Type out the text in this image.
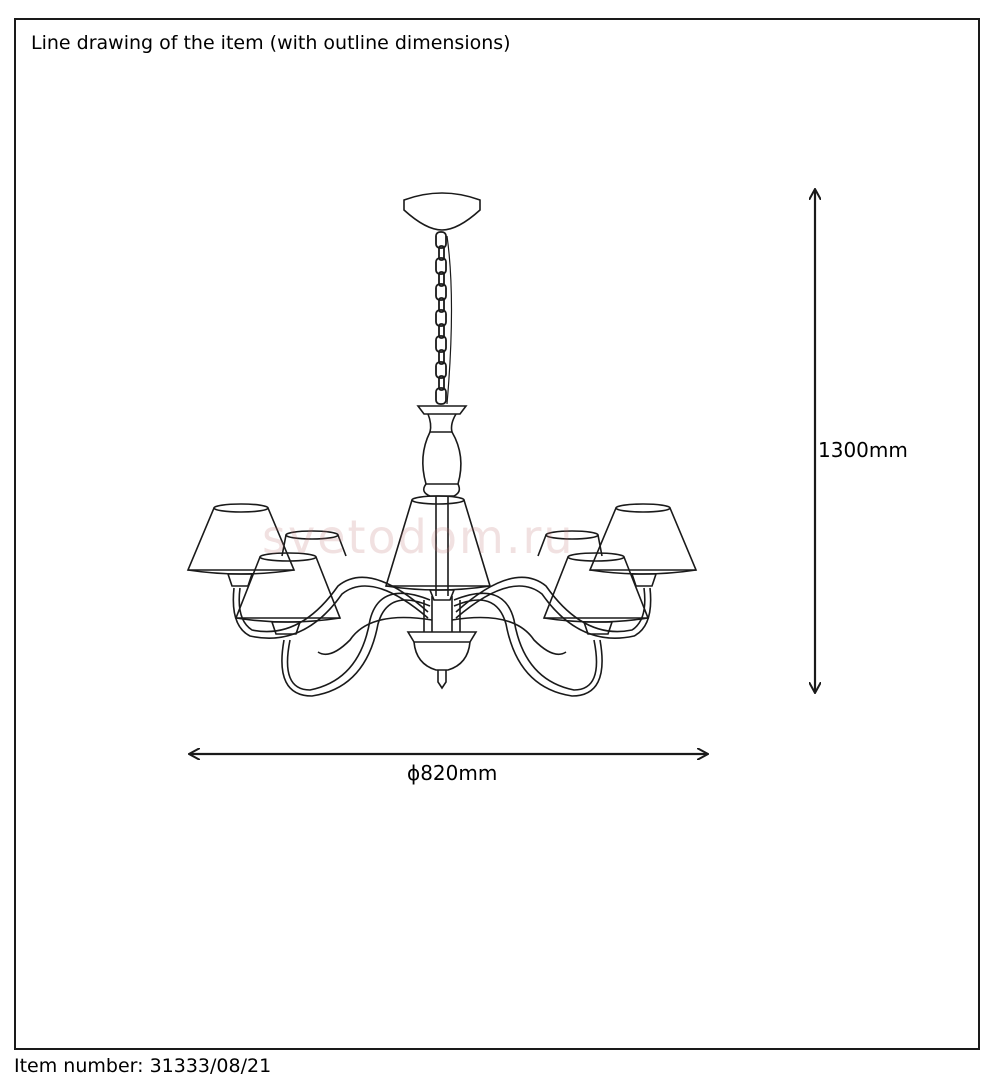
Line drawing of the item (with outline dimensions)
svetodom.ru
1300mm
ϕ820mm
Item number: 31333/08/21
